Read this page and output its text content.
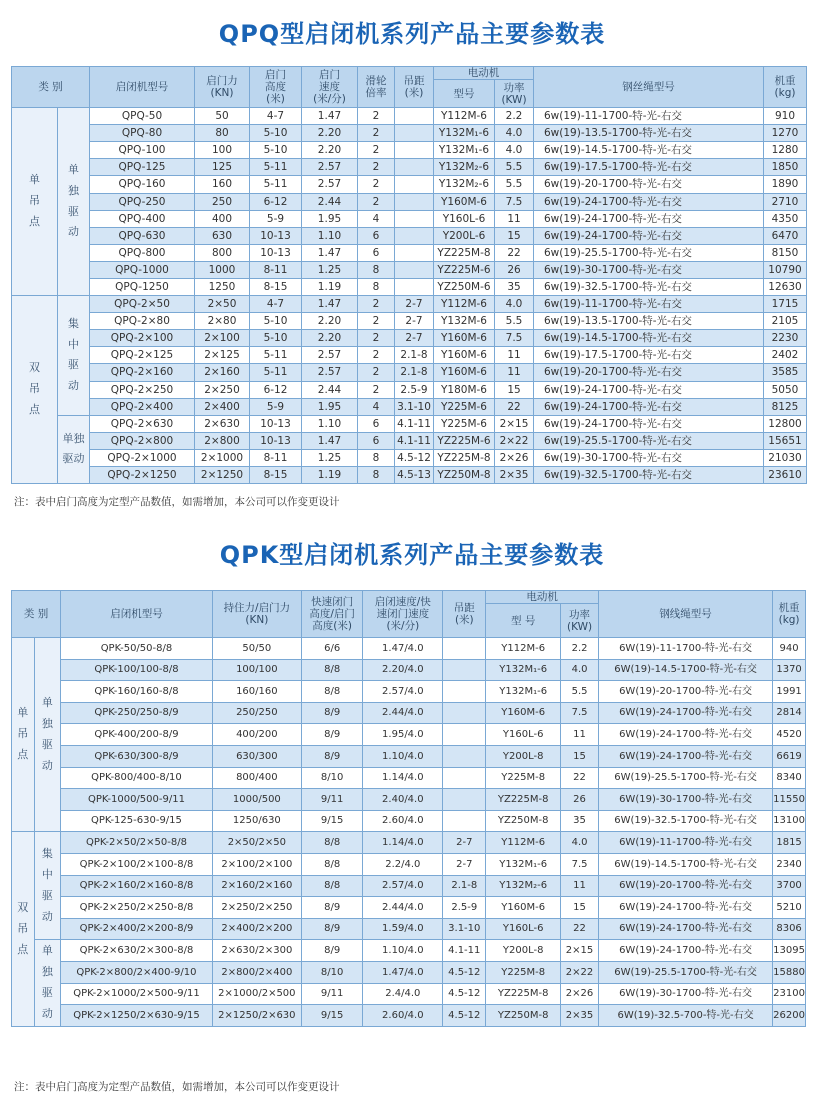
QPQ型启闭机系列产品主要参数表
类 别		启闭机型号	启门力
(KN)	启门
高度
(米)	启门
速度
(米/分)	滑轮
倍率	吊距
(米)	电动机		钢丝绳型号	机重
(kg)
								型号	功率
(KW)		
单
吊
点	单
独
驱
动	QPQ-50	50	4-7	1.47	2		Y112M-6	2.2	6w(19)-11-1700-特-光-右交	910
		QPQ-80	80	5-10	2.20	2		Y132M₁-6	4.0	6w(19)-13.5-1700-特-光-右交	1270
		QPQ-100	100	5-10	2.20	2		Y132M₁-6	4.0	6w(19)-14.5-1700-特-光-右交	1280
		QPQ-125	125	5-11	2.57	2		Y132M₂-6	5.5	6w(19)-17.5-1700-特-光-右交	1850
		QPQ-160	160	5-11	2.57	2		Y132M₂-6	5.5	6w(19)-20-1700-特-光-右交	1890
		QPQ-250	250	6-12	2.44	2		Y160M-6	7.5	6w(19)-24-1700-特-光-右交	2710
		QPQ-400	400	5-9	1.95	4		Y160L-6	11	6w(19)-24-1700-特-光-右交	4350
		QPQ-630	630	10-13	1.10	6		Y200L-6	15	6w(19)-24-1700-特-光-右交	6470
		QPQ-800	800	10-13	1.47	6		YZ225M-8	22	6w(19)-25.5-1700-特-光-右交	8150
		QPQ-1000	1000	8-11	1.25	8		YZ225M-6	26	6w(19)-30-1700-特-光-右交	10790
		QPQ-1250	1250	8-15	1.19	8		YZ250M-6	35	6w(19)-32.5-1700-特-光-右交	12630
双
吊
点	集
中
驱
动	QPQ-2×50	2×50	4-7	1.47	2	2-7	Y112M-6	4.0	6w(19)-11-1700-特-光-右交	1715
		QPQ-2×80	2×80	5-10	2.20	2	2-7	Y132M-6	5.5	6w(19)-13.5-1700-特-光-右交	2105
		QPQ-2×100	2×100	5-10	2.20	2	2-7	Y160M-6	7.5	6w(19)-14.5-1700-特-光-右交	2230
		QPQ-2×125	2×125	5-11	2.57	2	2.1-8	Y160M-6	11	6w(19)-17.5-1700-特-光-右交	2402
		QPQ-2×160	2×160	5-11	2.57	2	2.1-8	Y160M-6	11	6w(19)-20-1700-特-光-右交	3585
		QPQ-2×250	2×250	6-12	2.44	2	2.5-9	Y180M-6	15	6w(19)-24-1700-特-光-右交	5050
		QPQ-2×400	2×400	5-9	1.95	4	3.1-10	Y225M-6	22	6w(19)-24-1700-特-光-右交	8125
	单独
驱动	QPQ-2×630	2×630	10-13	1.10	6	4.1-11	Y225M-6	2×15	6w(19)-24-1700-特-光-右交	12800
		QPQ-2×800	2×800	10-13	1.47	6	4.1-11	YZ225M-6	2×22	6w(19)-25.5-1700-特-光-右交	15651
		QPQ-2×1000	2×1000	8-11	1.25	8	4.5-12	YZ225M-8	2×26	6w(19)-30-1700-特-光-右交	21030
		QPQ-2×1250	2×1250	8-15	1.19	8	4.5-13	YZ250M-8	2×35	6w(19)-32.5-1700-特-光-右交	23610
注：表中启门高度为定型产品数值，如需增加，本公司可以作变更设计
QPK型启闭机系列产品主要参数表
类 别		启闭机型号	持住力/启门力
(KN)	快速闭门
高度/启门
高度(米)	启闭速度/快
速闭门速度
(米/分)	吊距
(米)	电动机		钢线绳型号	机重
(kg)
							型 号	功率
(KW)		
单
吊
点	单
独
驱
动	QPK-50/50-8/8	50/50	6/6	1.47/4.0		Y112M-6	2.2	6W(19)-11-1700-特-光-右交	940
		QPK-100/100-8/8	100/100	8/8	2.20/4.0		Y132M₁-6	4.0	6W(19)-14.5-1700-特-光-右交	1370
		QPK-160/160-8/8	160/160	8/8	2.57/4.0		Y132M₁-6	5.5	6W(19)-20-1700-特-光-右交	1991
		QPK-250/250-8/9	250/250	8/9	2.44/4.0		Y160M-6	7.5	6W(19)-24-1700-特-光-右交	2814
		QPK-400/200-8/9	400/200	8/9	1.95/4.0		Y160L-6	11	6W(19)-24-1700-特-光-右交	4520
		QPK-630/300-8/9	630/300	8/9	1.10/4.0		Y200L-8	15	6W(19)-24-1700-特-光-右交	6619
		QPK-800/400-8/10	800/400	8/10	1.14/4.0		Y225M-8	22	6W(19)-25.5-1700-特-光-右交	8340
		QPK-1000/500-9/11	1000/500	9/11	2.40/4.0		YZ225M-8	26	6W(19)-30-1700-特-光-右交	11550
		QPK-125-630-9/15	1250/630	9/15	2.60/4.0		YZ250M-8	35	6W(19)-32.5-1700-特-光-右交	13100
双
吊
点	集
中
驱
动	QPK-2×50/2×50-8/8	2×50/2×50	8/8	1.14/4.0	2-7	Y112M-6	4.0	6W(19)-11-1700-特-光-右交	1815
		QPK-2×100/2×100-8/8	2×100/2×100	8/8	2.2/4.0	2-7	Y132M₁-6	7.5	6W(19)-14.5-1700-特-光-右交	2340
		QPK-2×160/2×160-8/8	2×160/2×160	8/8	2.57/4.0	2.1-8	Y132M₂-6	11	6W(19)-20-1700-特-光-右交	3700
		QPK-2×250/2×250-8/8	2×250/2×250	8/9	2.44/4.0	2.5-9	Y160M-6	15	6W(19)-24-1700-特-光-右交	5210
		QPK-2×400/2×200-8/9	2×400/2×200	8/9	1.59/4.0	3.1-10	Y160L-6	22	6W(19)-24-1700-特-光-右交	8306
	单
独
驱
动	QPK-2×630/2×300-8/8	2×630/2×300	8/9	1.10/4.0	4.1-11	Y200L-8	2×15	6W(19)-24-1700-特-光-右交	13095
		QPK-2×800/2×400-9/10	2×800/2×400	8/10	1.47/4.0	4.5-12	Y225M-8	2×22	6W(19)-25.5-1700-特-光-右交	15880
		QPK-2×1000/2×500-9/11	2×1000/2×500	9/11	2.4/4.0	4.5-12	YZ225M-8	2×26	6W(19)-30-1700-特-光-右交	23100
		QPK-2×1250/2×630-9/15	2×1250/2×630	9/15	2.60/4.0	4.5-12	YZ250M-8	2×35	6W(19)-32.5-700-特-光-右交	26200
注：表中启门高度为定型产品数值，如需增加，本公司可以作变更设计
